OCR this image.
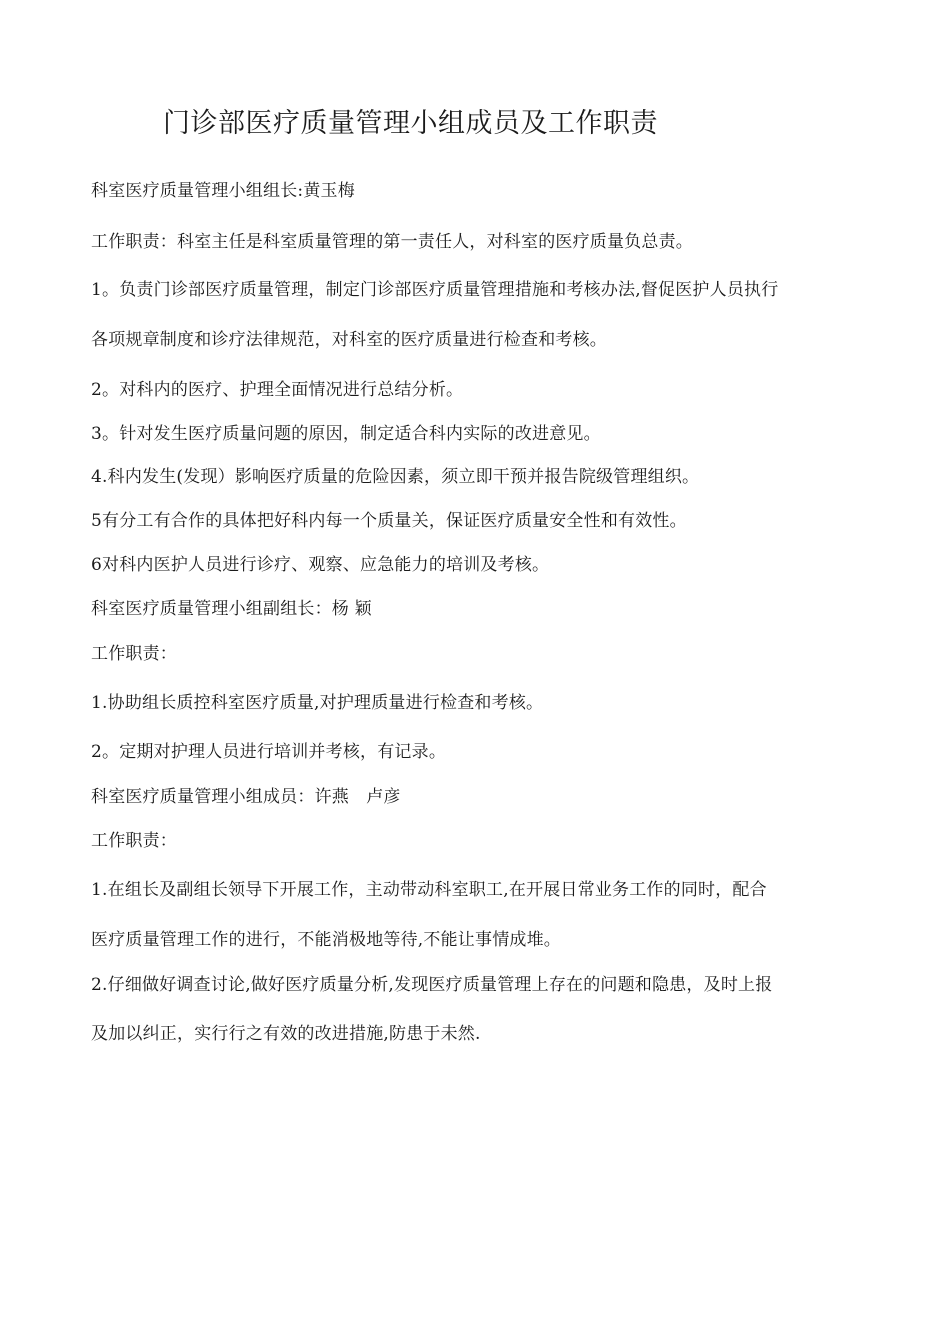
门诊部医疗质量管理小组成员及工作职责
科室医疗质量管理小组组长:黄玉梅
工作职责：科室主任是科室质量管理的第一责任人，对科室的医疗质量负总责。
1。负责门诊部医疗质量管理，制定门诊部医疗质量管理措施和考核办法,督促医护人员执行
各项规章制度和诊疗法律规范，对科室的医疗质量进行检查和考核。
2。对科内的医疗、护理全面情况进行总结分析。
3。针对发生医疗质量问题的原因，制定适合科内实际的改进意见。
4.科内发生(发现）影响医疗质量的危险因素，须立即干预并报告院级管理组织。
5有分工有合作的具体把好科内每一个质量关，保证医疗质量安全性和有效性。
6对科内医护人员进行诊疗、观察、应急能力的培训及考核。
科室医疗质量管理小组副组长：杨 颖
工作职责：
1.协助组长质控科室医疗质量,对护理质量进行检查和考核。
2。定期对护理人员进行培训并考核，有记录。
科室医疗质量管理小组成员：许燕　卢彦
工作职责：
1.在组长及副组长领导下开展工作，主动带动科室职工,在开展日常业务工作的同时，配合
医疗质量管理工作的进行，不能消极地等待,不能让事情成堆。
2.仔细做好调查讨论,做好医疗质量分析,发现医疗质量管理上存在的问题和隐患，及时上报
及加以纠正，实行行之有效的改进措施,防患于未然.
